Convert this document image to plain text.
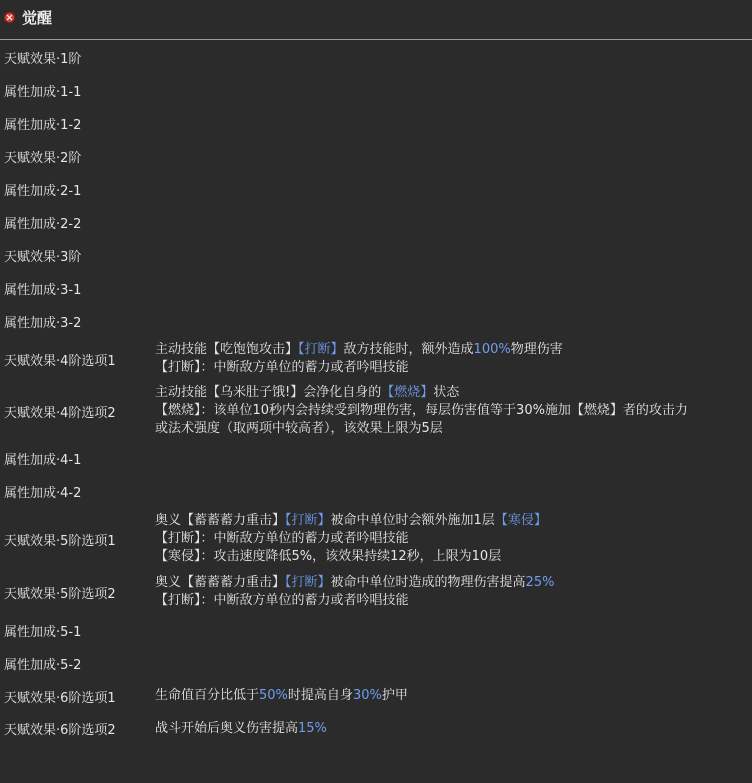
觉醒
天赋效果·1阶
属性加成·1-1
属性加成·1-2
天赋效果·2阶
属性加成·2-1
属性加成·2-2
天赋效果·3阶
属性加成·3-1
属性加成·3-2
天赋效果·4阶选项1
主动技能【吃饱饱攻击】【打断】敌方技能时，额外造成100%物理伤害
【打断】：中断敌方单位的蓄力或者吟唱技能
天赋效果·4阶选项2
主动技能【乌米肚子饿!】会净化自身的【燃烧】状态
【燃烧】：该单位10秒内会持续受到物理伤害，每层伤害值等于30%施加【燃烧】者的攻击力
或法术强度（取两项中较高者），该效果上限为5层
属性加成·4-1
属性加成·4-2
天赋效果·5阶选项1
奥义【蓄蓄蓄力重击】【打断】被命中单位时会额外施加1层【寒侵】
【打断】：中断敌方单位的蓄力或者吟唱技能
【寒侵】：攻击速度降低5%，该效果持续12秒，上限为10层
天赋效果·5阶选项2
奥义【蓄蓄蓄力重击】【打断】被命中单位时造成的物理伤害提高25%
【打断】：中断敌方单位的蓄力或者吟唱技能
属性加成·5-1
属性加成·5-2
天赋效果·6阶选项1	生命值百分比低于50%时提高自身30%护甲
天赋效果·6阶选项2	战斗开始后奥义伤害提高15%
